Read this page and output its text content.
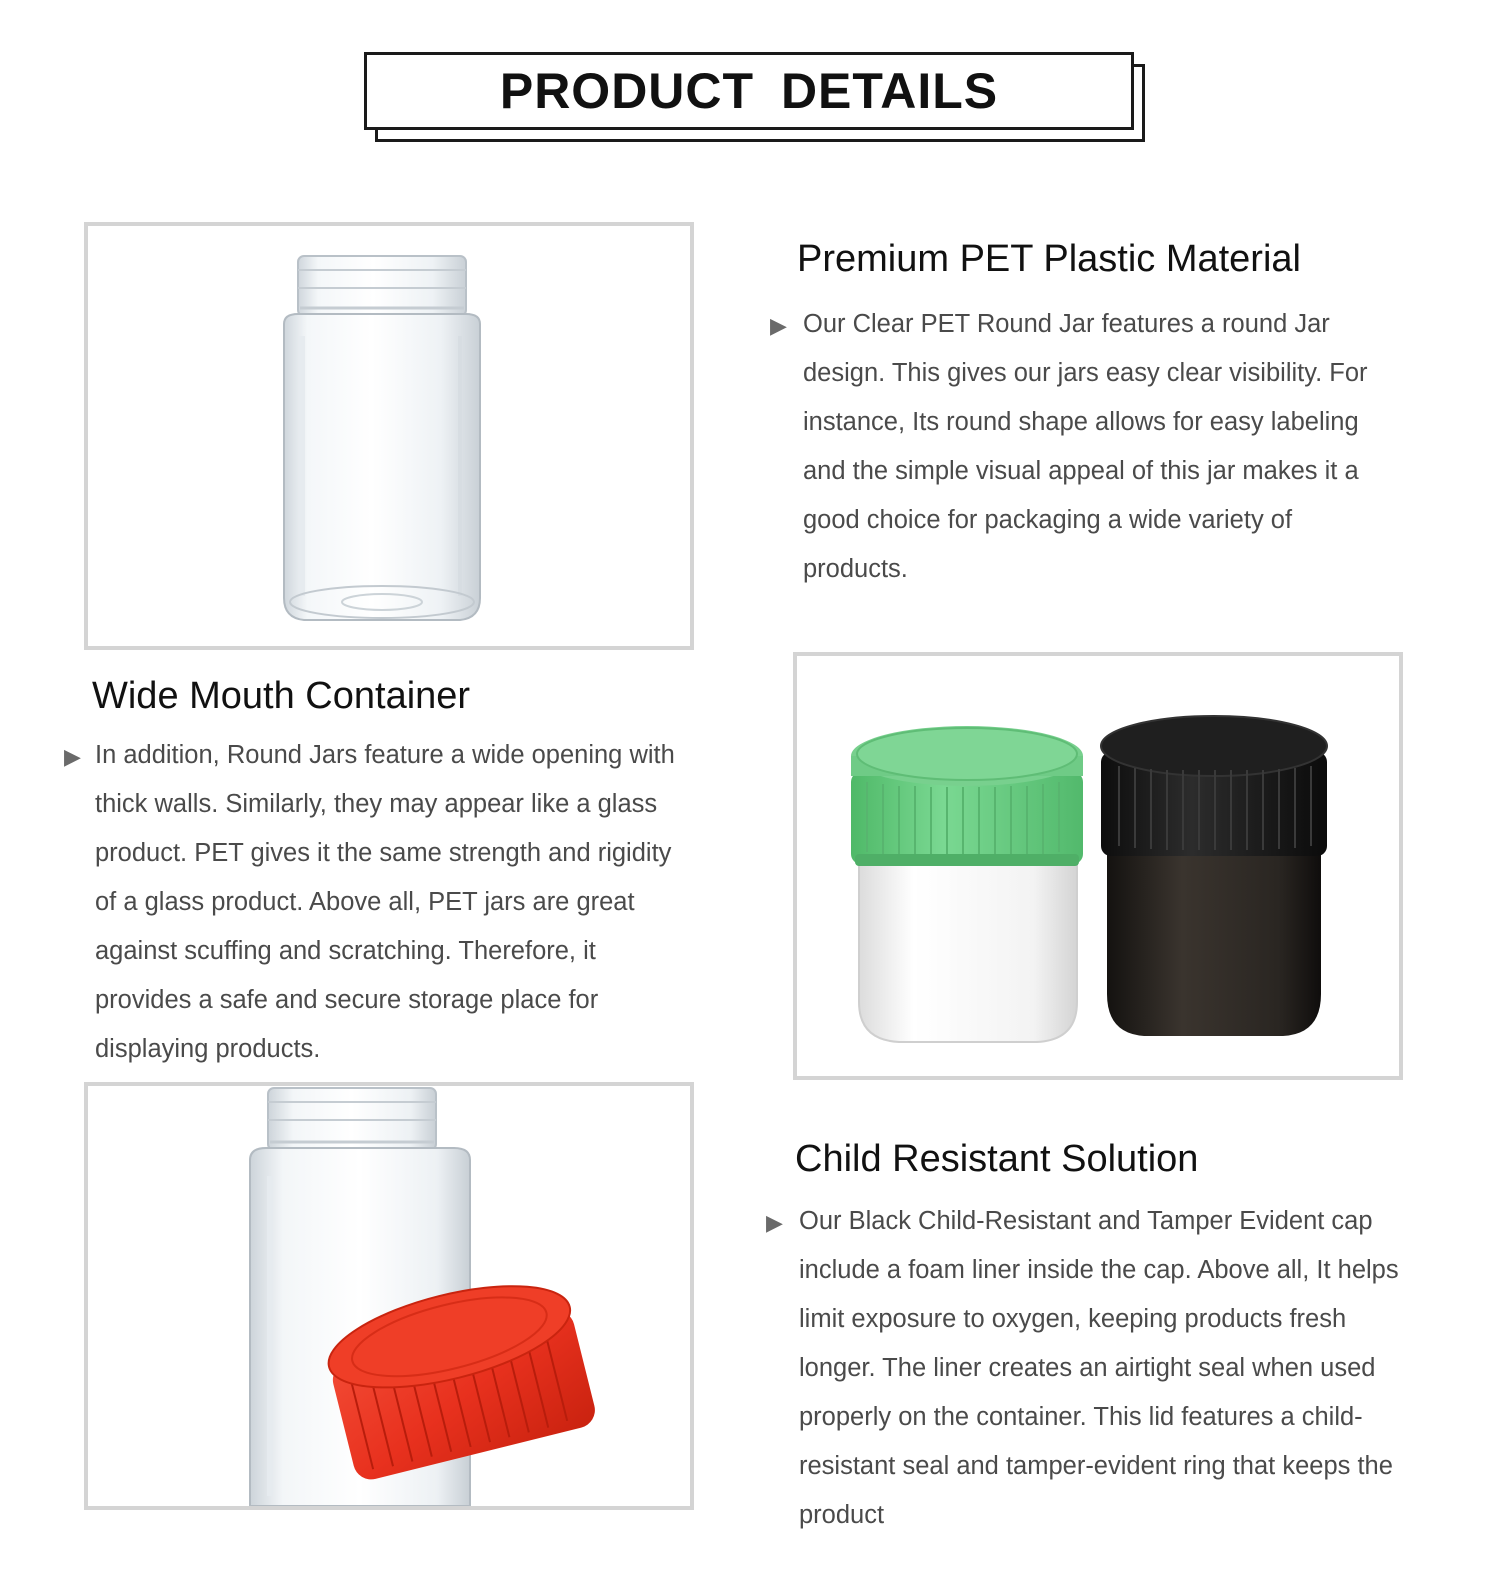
PRODUCT DETAILS
Premium PET Plastic Material
▶ Our Clear PET Round Jar features a round Jar design. This gives our jars easy clear visibility. For instance, Its round shape allows for easy labeling and the simple visual appeal of this jar makes it a good choice for packaging a wide variety of products.

Wide Mouth Container
▶ In addition, Round Jars feature a wide opening with thick walls. Similarly, they may appear like a glass product. PET gives it the same strength and rigidity of a glass product. Above all, PET jars are great against scuffing and scratching. Therefore, it provides a safe and secure storage place for displaying products.

Child Resistant Solution
▶ Our Black Child-Resistant and Tamper Evident cap include a foam liner inside the cap. Above all, It helps limit exposure to oxygen, keeping products fresh longer. The liner creates an airtight seal when used properly on the container. This lid features a child-resistant seal and tamper-evident ring that keeps the product
